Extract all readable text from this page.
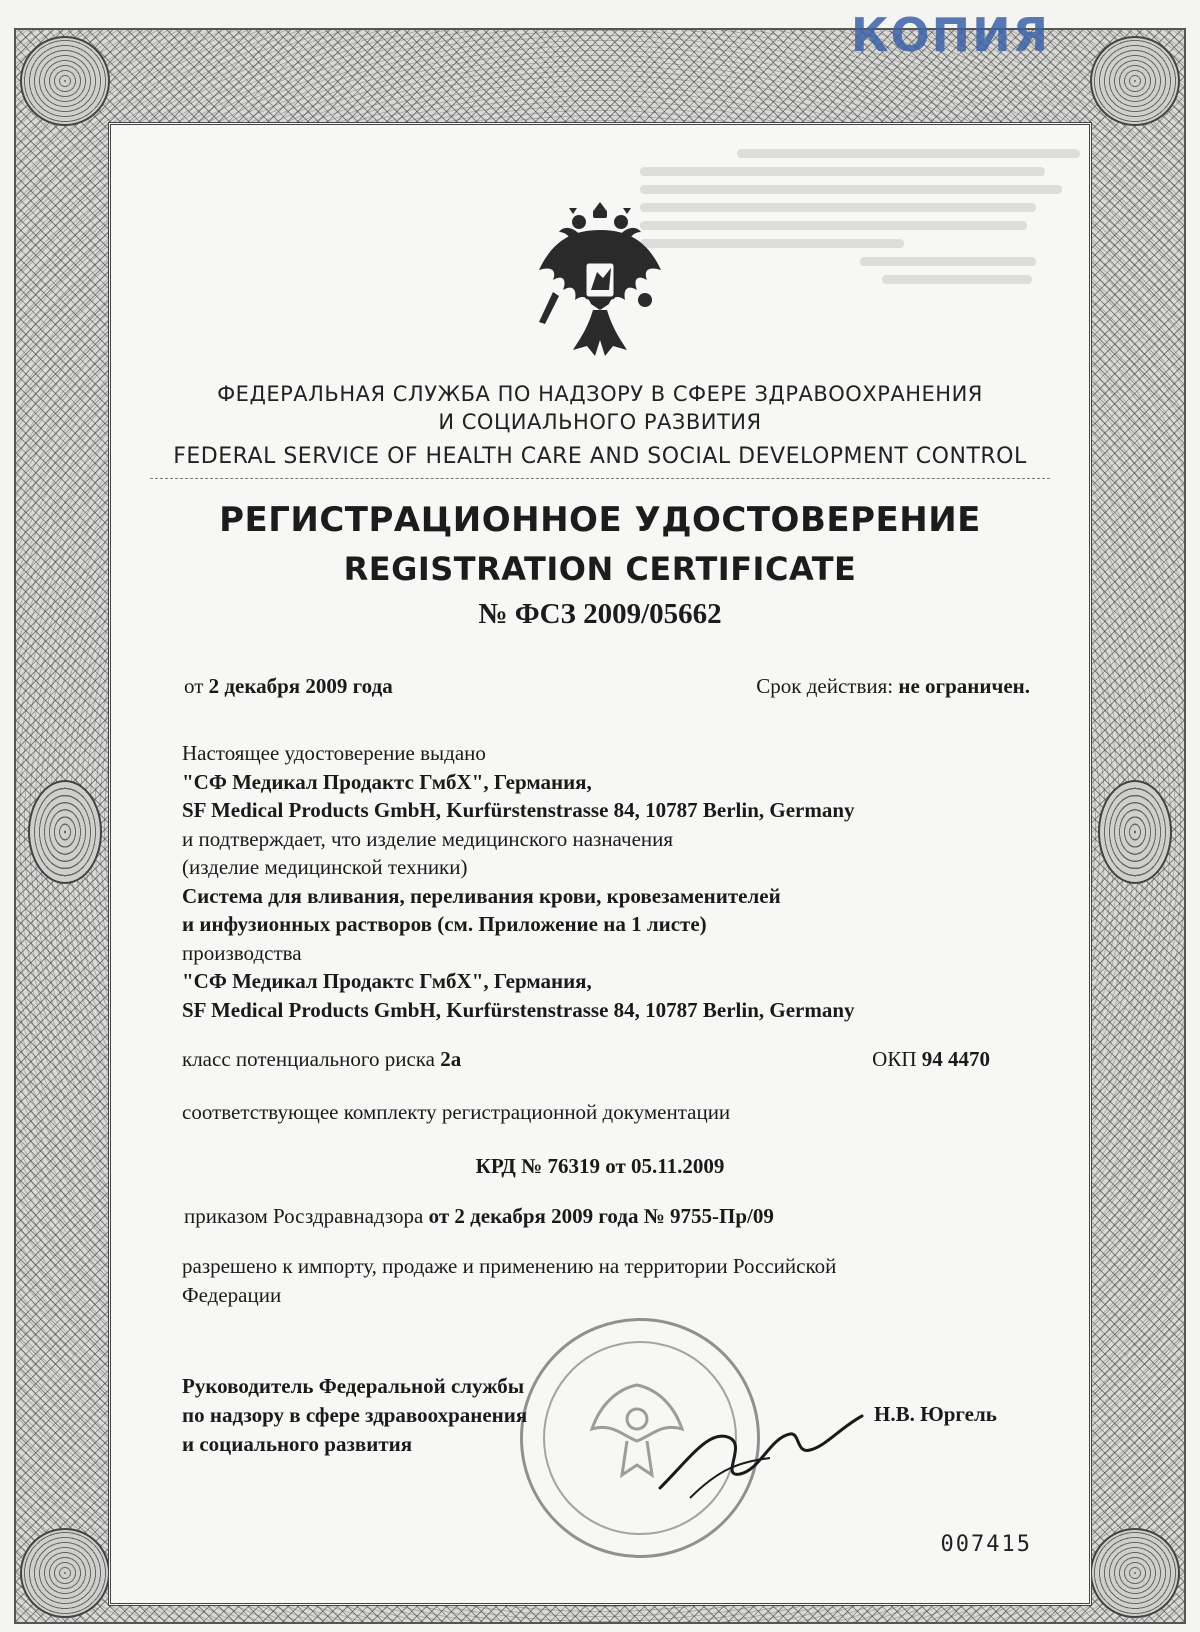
КОПИЯ
ФЕДЕРАЛЬНАЯ СЛУЖБА ПО НАДЗОРУ В СФЕРЕ ЗДРАВООХРАНЕНИЯ
И СОЦИАЛЬНОГО РАЗВИТИЯ
FEDERAL SERVICE OF HEALTH CARE AND SOCIAL DEVELOPMENT CONTROL
РЕГИСТРАЦИОННОЕ УДОСТОВЕРЕНИЕ
REGISTRATION CERTIFICATE
№ ФСЗ 2009/05662
от 2 декабря 2009 года	Срок действия: не ограничен.
Настоящее удостоверение выдано
"СФ Медикал Продактс ГмбХ", Германия,
SF Medical Products GmbH, Kurfürstenstrasse 84, 10787 Berlin, Germany
и подтверждает, что изделие медицинского назначения
(изделие медицинской техники)
Система для вливания, переливания крови, кровезаменителей
и инфузионных растворов (см. Приложение на 1 листе)
производства
"СФ Медикал Продактс ГмбХ", Германия,
SF Medical Products GmbH, Kurfürstenstrasse 84, 10787 Berlin, Germany
класс потенциального риска 2а	ОКП 94 4470
соответствующее комплекту регистрационной документации
КРД № 76319 от 05.11.2009
приказом Росздравнадзора от 2 декабря 2009 года № 9755-Пр/09
разрешено к импорту, продаже и применению на территории Российской
Федерации
Руководитель Федеральной службы
по надзору в сфере здравоохранения
и социального развития
Н.В. Юргель
007415
